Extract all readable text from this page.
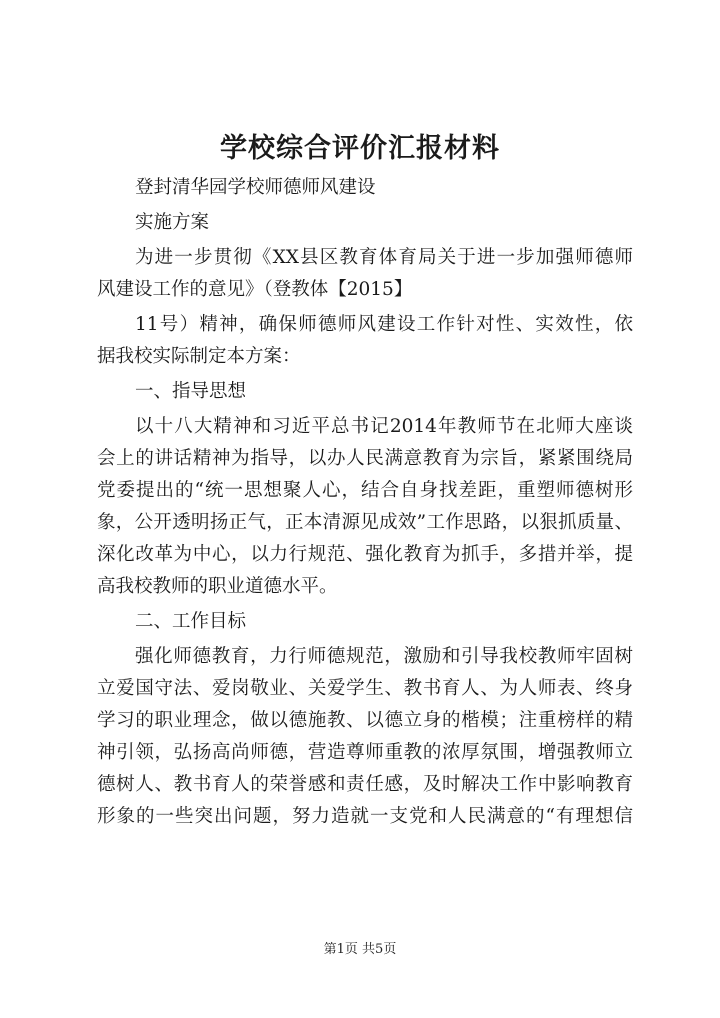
学校综合评价汇报材料

登封清华园学校师德师风建设

实施方案

为进一步贯彻《XX县区教育体育局关于进一步加强师德师

风建设工作的意见》（登教体【2015】

11号）精神，确保师德师风建设工作针对性、实效性，依

据我校实际制定本方案：

一、指导思想

以十八大精神和习近平总书记2014年教师节在北师大座谈

会上的讲话精神为指导，以办人民满意教育为宗旨，紧紧围绕局

党委提出的“统一思想聚人心，结合自身找差距，重塑师德树形

象，公开透明扬正气，正本清源见成效”工作思路，以狠抓质量、

深化改革为中心，以力行规范、强化教育为抓手，多措并举，提

高我校教师的职业道德水平。

二、工作目标

强化师德教育，力行师德规范，激励和引导我校教师牢固树

立爱国守法、爱岗敬业、关爱学生、教书育人、为人师表、终身

学习的职业理念，做以德施教、以德立身的楷模；注重榜样的精

神引领，弘扬高尚师德，营造尊师重教的浓厚氛围，增强教师立

德树人、教书育人的荣誉感和责任感，及时解决工作中影响教育

形象的一些突出问题，努力造就一支党和人民满意的“有理想信

第1页 共5页
